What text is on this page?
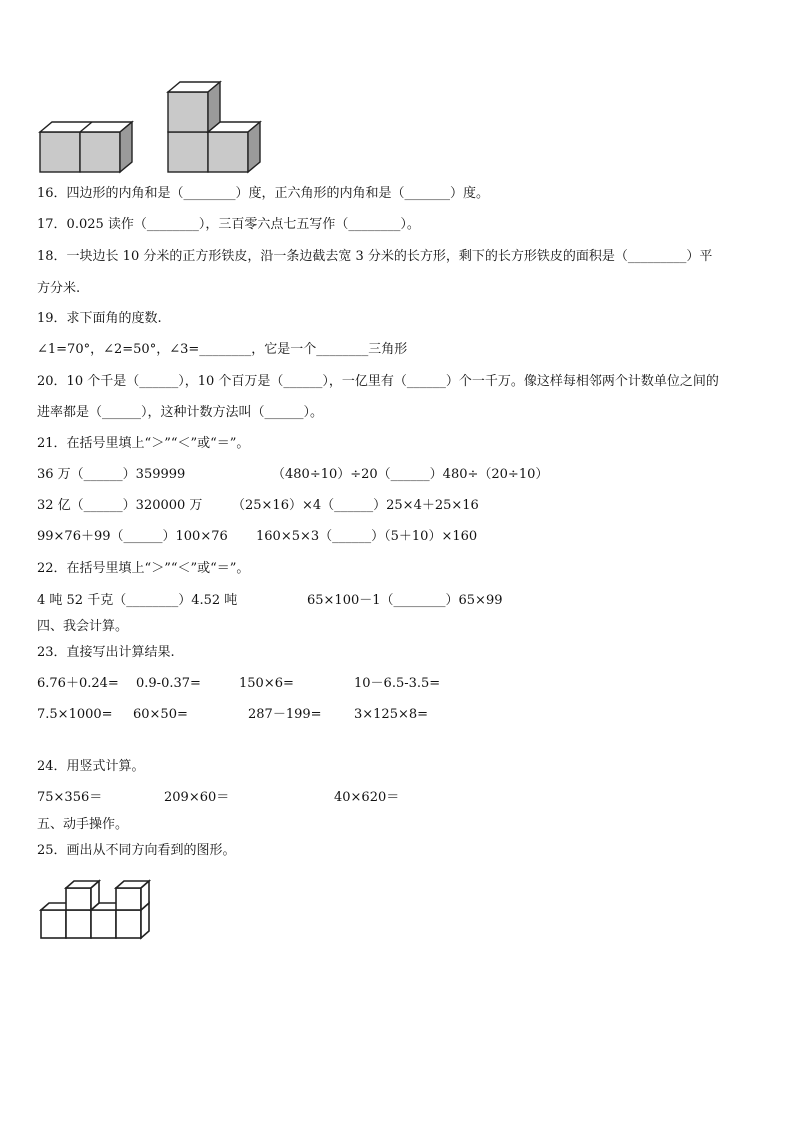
16．四边形的内角和是（________）度，正六角形的内角和是（_______）度。
17．0.025 读作（________），三百零六点七五写作（________）。
18．一块边长 10 分米的正方形铁皮，沿一条边截去宽 3 分米的长方形，剩下的长方形铁皮的面积是（_________）平
方分米.
19．求下面角的度数.
∠1=70°，∠2=50°，∠3=________，它是一个________三角形
20．10 个千是（______），10 个百万是（______），一亿里有（______）个一千万。像这样每相邻两个计数单位之间的
进率都是（______），这种计数方法叫（______）。
21．在括号里填上“＞”“＜”或“＝”。
36 万（______）359999	（480÷10）÷20（______）480÷（20÷10）
32 亿（______）320000 万 （25×16）×4（______）25×4＋25×16
99×76＋99（______）100×76 160×5×3（______）（5＋10）×160
22．在括号里填上“＞”“＜”或“＝”。
4 吨 52 千克（________）4.52 吨	65×100－1（________）65×99
四、我会计算。
23．直接写出计算结果.
6.76＋0.24= 0.9-0.37=	150×6=	10－6.5-3.5=
7.5×1000= 60×50=	287－199= 3×125×8=
24．用竖式计算。
75×356＝	209×60＝	40×620＝
五、动手操作。
25．画出从不同方向看到的图形。
